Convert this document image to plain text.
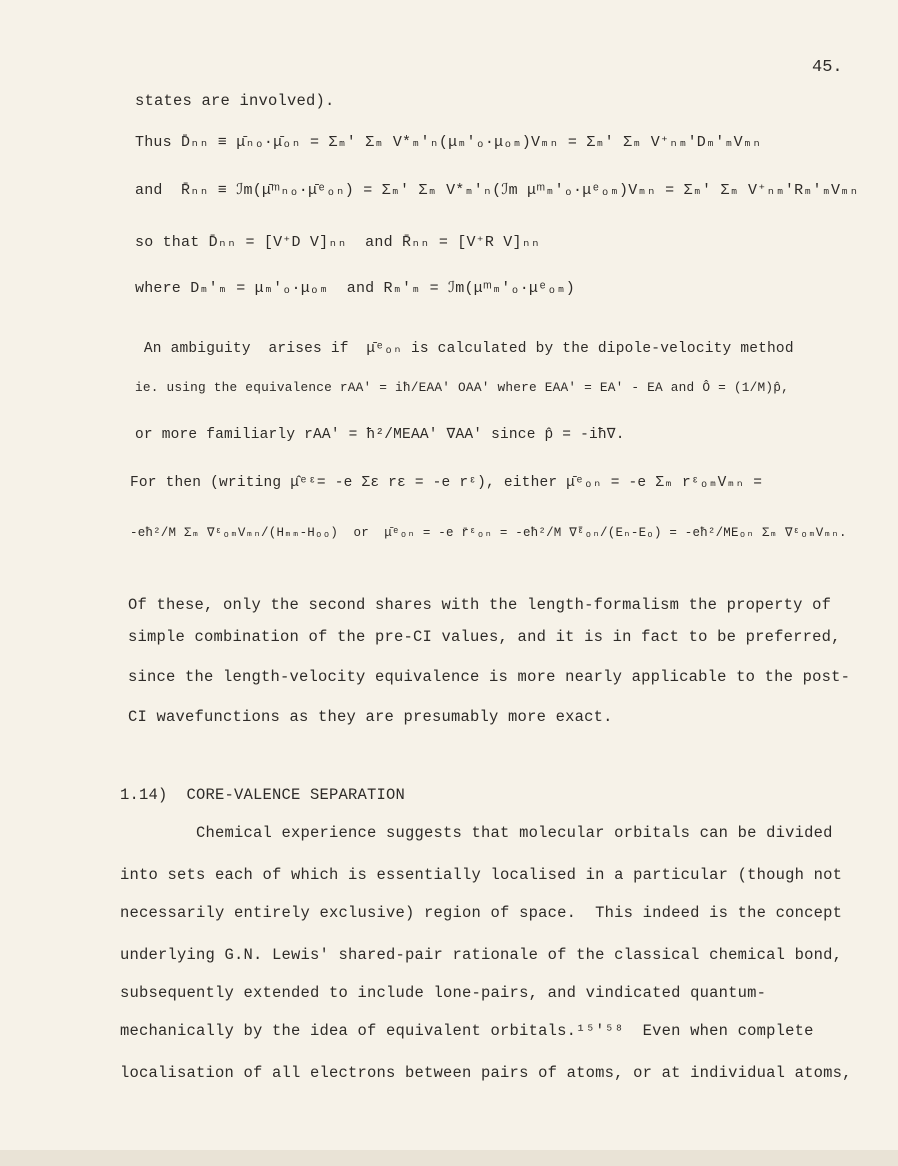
45.
states are involved).
Thus D̄ₙₙ ≡ μ̄ₙₒ·μ̄ₒₙ = Σₘ' Σₘ V*ₘ'ₙ(μₘ'ₒ·μₒₘ)Vₘₙ = Σₘ' Σₘ V⁺ₙₘ'Dₘ'ₘVₘₙ
and  R̄ₙₙ ≡ ℐm(μ̄ᵐₙₒ·μ̄ᵉₒₙ) = Σₘ' Σₘ V*ₘ'ₙ(ℐm μᵐₘ'ₒ·μᵉₒₘ)Vₘₙ = Σₘ' Σₘ V⁺ₙₘ'Rₘ'ₘVₘₙ
so that D̄ₙₙ = [V⁺D V]ₙₙ  and R̄ₙₙ = [V⁺R V]ₙₙ
where Dₘ'ₘ = μₘ'ₒ·μₒₘ  and Rₘ'ₘ = ℐm(μᵐₘ'ₒ·μᵉₒₘ)
An ambiguity  arises if  μ̄ᵉₒₙ is calculated by the dipole-velocity method
ie. using the equivalence rAA' = iħ/EAA' OAA' where EAA' = EA' - EA and Ô = (1/M)p̂,
or more familiarly rAA' = ħ²/MEAA' ∇AA' since p̂ = -iħ∇.
For then (writing μ̂ᵉᵋ= -e Σε rε = -e rᵋ), either μ̄ᵉₒₙ = -e Σₘ rᵋₒₘVₘₙ =
-eħ²/M Σₘ ∇ᵋₒₘVₘₙ/(Hₘₘ-Hₒₒ)  or  μ̄ᵉₒₙ = -e r̄ᵋₒₙ = -eħ²/M ∇̄ᵋₒₙ/(Eₙ-Eₒ) = -eħ²/MEₒₙ Σₘ ∇ᵋₒₘVₘₙ.
Of these, only the second shares with the length-formalism the property of
simple combination of the pre-CI values, and it is in fact to be preferred,
since the length-velocity equivalence is more nearly applicable to the post-
CI wavefunctions as they are presumably more exact.
1.14)  CORE-VALENCE SEPARATION
Chemical experience suggests that molecular orbitals can be divided
into sets each of which is essentially localised in a particular (though not
necessarily entirely exclusive) region of space.  This indeed is the concept
underlying G.N. Lewis' shared-pair rationale of the classical chemical bond,
subsequently extended to include lone-pairs, and vindicated quantum-
mechanically by the idea of equivalent orbitals.¹⁵'⁵⁸  Even when complete
localisation of all electrons between pairs of atoms, or at individual atoms,
